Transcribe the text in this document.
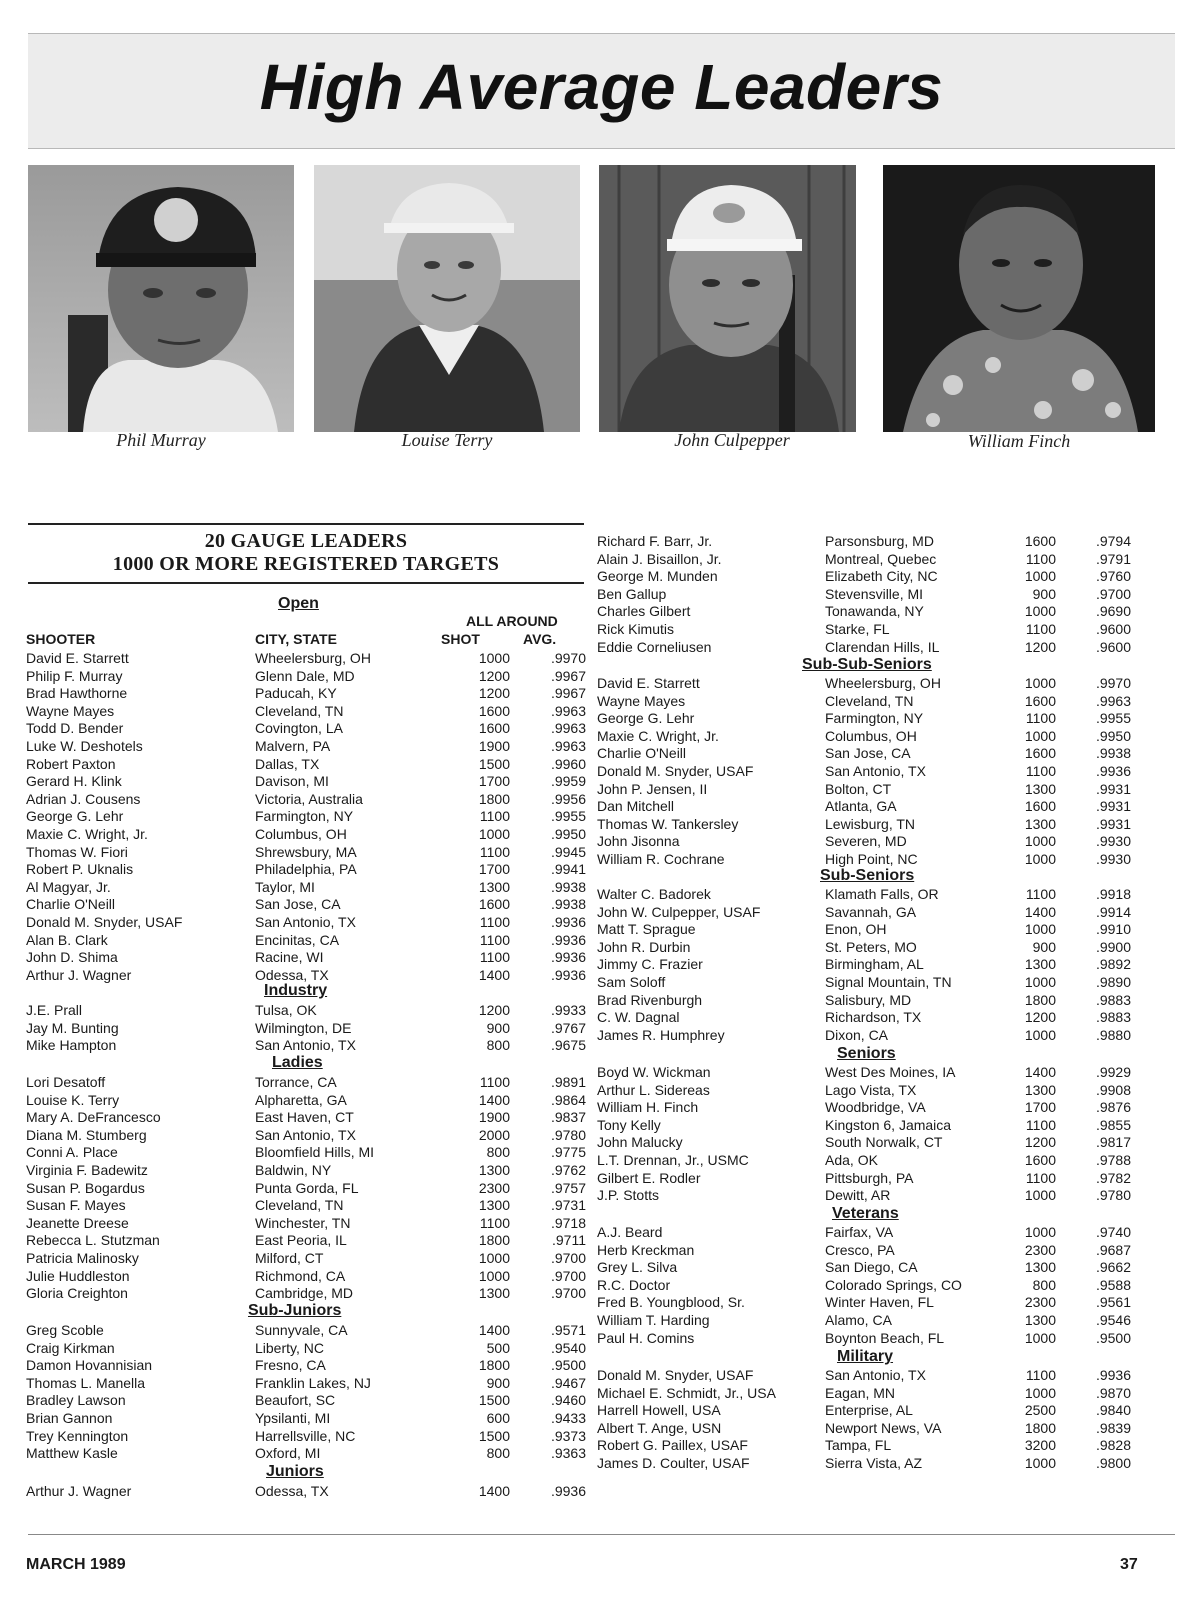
High Average Leaders
Phil Murray	Louise Terry	John Culpepper	William Finch
20 GAUGE LEADERS
1000 OR MORE REGISTERED TARGETS
Open
ALL AROUND
SHOOTER	CITY, STATE	SHOT	AVG.
David E. Starrett	Wheelersburg, OH	1000	.9970
Philip F. Murray	Glenn Dale, MD	1200	.9967
Brad Hawthorne	Paducah, KY	1200	.9967
Wayne Mayes	Cleveland, TN	1600	.9963
Todd D. Bender	Covington, LA	1600	.9963
Luke W. Deshotels	Malvern, PA	1900	.9963
Robert Paxton	Dallas, TX	1500	.9960
Gerard H. Klink	Davison, MI	1700	.9959
Adrian J. Cousens	Victoria, Australia	1800	.9956
George G. Lehr	Farmington, NY	1100	.9955
Maxie C. Wright, Jr.	Columbus, OH	1000	.9950
Thomas W. Fiori	Shrewsbury, MA	1100	.9945
Robert P. Uknalis	Philadelphia, PA	1700	.9941
Al Magyar, Jr.	Taylor, MI	1300	.9938
Charlie O'Neill	San Jose, CA	1600	.9938
Donald M. Snyder, USAF	San Antonio, TX	1100	.9936
Alan B. Clark	Encinitas, CA	1100	.9936
John D. Shima	Racine, WI	1100	.9936
Arthur J. Wagner	Odessa, TX	1400	.9936
J.E. Prall	Tulsa, OK	1200	.9933
Jay M. Bunting	Wilmington, DE	900	.9767
Mike Hampton	San Antonio, TX	800	.9675
Lori Desatoff	Torrance, CA	1100	.9891
Louise K. Terry	Alpharetta, GA	1400	.9864
Mary A. DeFrancesco	East Haven, CT	1900	.9837
Diana M. Stumberg	San Antonio, TX	2000	.9780
Conni A. Place	Bloomfield Hills, MI	800	.9775
Virginia F. Badewitz	Baldwin, NY	1300	.9762
Susan P. Bogardus	Punta Gorda, FL	2300	.9757
Susan F. Mayes	Cleveland, TN	1300	.9731
Jeanette Dreese	Winchester, TN	1100	.9718
Rebecca L. Stutzman	East Peoria, IL	1800	.9711
Patricia Malinosky	Milford, CT	1000	.9700
Julie Huddleston	Richmond, CA	1000	.9700
Gloria Creighton	Cambridge, MD	1300	.9700
Greg Scoble	Sunnyvale, CA	1400	.9571
Craig Kirkman	Liberty, NC	500	.9540
Damon Hovannisian	Fresno, CA	1800	.9500
Thomas L. Manella	Franklin Lakes, NJ	900	.9467
Bradley Lawson	Beaufort, SC	1500	.9460
Brian Gannon	Ypsilanti, MI	600	.9433
Trey Kennington	Harrellsville, NC	1500	.9373
Matthew Kasle	Oxford, MI	800	.9363
Arthur J. Wagner	Odessa, TX	1400	.9936
Industry
Ladies
Sub-Juniors
Juniors
Richard F. Barr, Jr.	Parsonsburg, MD	1600	.9794
Alain J. Bisaillon, Jr.	Montreal, Quebec	1100	.9791
George M. Munden	Elizabeth City, NC	1000	.9760
Ben Gallup	Stevensville, MI	900	.9700
Charles Gilbert	Tonawanda, NY	1000	.9690
Rick Kimutis	Starke, FL	1100	.9600
Eddie Corneliusen	Clarendan Hills, IL	1200	.9600
David E. Starrett	Wheelersburg, OH	1000	.9970
Wayne Mayes	Cleveland, TN	1600	.9963
George G. Lehr	Farmington, NY	1100	.9955
Maxie C. Wright, Jr.	Columbus, OH	1000	.9950
Charlie O'Neill	San Jose, CA	1600	.9938
Donald M. Snyder, USAF	San Antonio, TX	1100	.9936
John P. Jensen, II	Bolton, CT	1300	.9931
Dan Mitchell	Atlanta, GA	1600	.9931
Thomas W. Tankersley	Lewisburg, TN	1300	.9931
John Jisonna	Severen, MD	1000	.9930
William R. Cochrane	High Point, NC	1000	.9930
Walter C. Badorek	Klamath Falls, OR	1100	.9918
John W. Culpepper, USAF	Savannah, GA	1400	.9914
Matt T. Sprague	Enon, OH	1000	.9910
John R. Durbin	St. Peters, MO	900	.9900
Jimmy C. Frazier	Birmingham, AL	1300	.9892
Sam Soloff	Signal Mountain, TN	1000	.9890
Brad Rivenburgh	Salisbury, MD	1800	.9883
C. W. Dagnal	Richardson, TX	1200	.9883
James R. Humphrey	Dixon, CA	1000	.9880
Boyd W. Wickman	West Des Moines, IA	1400	.9929
Arthur L. Sidereas	Lago Vista, TX	1300	.9908
William H. Finch	Woodbridge, VA	1700	.9876
Tony Kelly	Kingston 6, Jamaica	1100	.9855
John Malucky	South Norwalk, CT	1200	.9817
L.T. Drennan, Jr., USMC	Ada, OK	1600	.9788
Gilbert E. Rodler	Pittsburgh, PA	1100	.9782
J.P. Stotts	Dewitt, AR	1000	.9780
A.J. Beard	Fairfax, VA	1000	.9740
Herb Kreckman	Cresco, PA	2300	.9687
Grey L. Silva	San Diego, CA	1300	.9662
R.C. Doctor	Colorado Springs, CO	800	.9588
Fred B. Youngblood, Sr.	Winter Haven, FL	2300	.9561
William T. Harding	Alamo, CA	1300	.9546
Paul H. Comins	Boynton Beach, FL	1000	.9500
Donald M. Snyder, USAF	San Antonio, TX	1100	.9936
Michael E. Schmidt, Jr., USA	Eagan, MN	1000	.9870
Harrell Howell, USA	Enterprise, AL	2500	.9840
Albert T. Ange, USN	Newport News, VA	1800	.9839
Robert G. Paillex, USAF	Tampa, FL	3200	.9828
James D. Coulter, USAF	Sierra Vista, AZ	1000	.9800
Sub-Sub-Seniors
Sub-Seniors
Seniors
Veterans
Military
MARCH 1989	37
